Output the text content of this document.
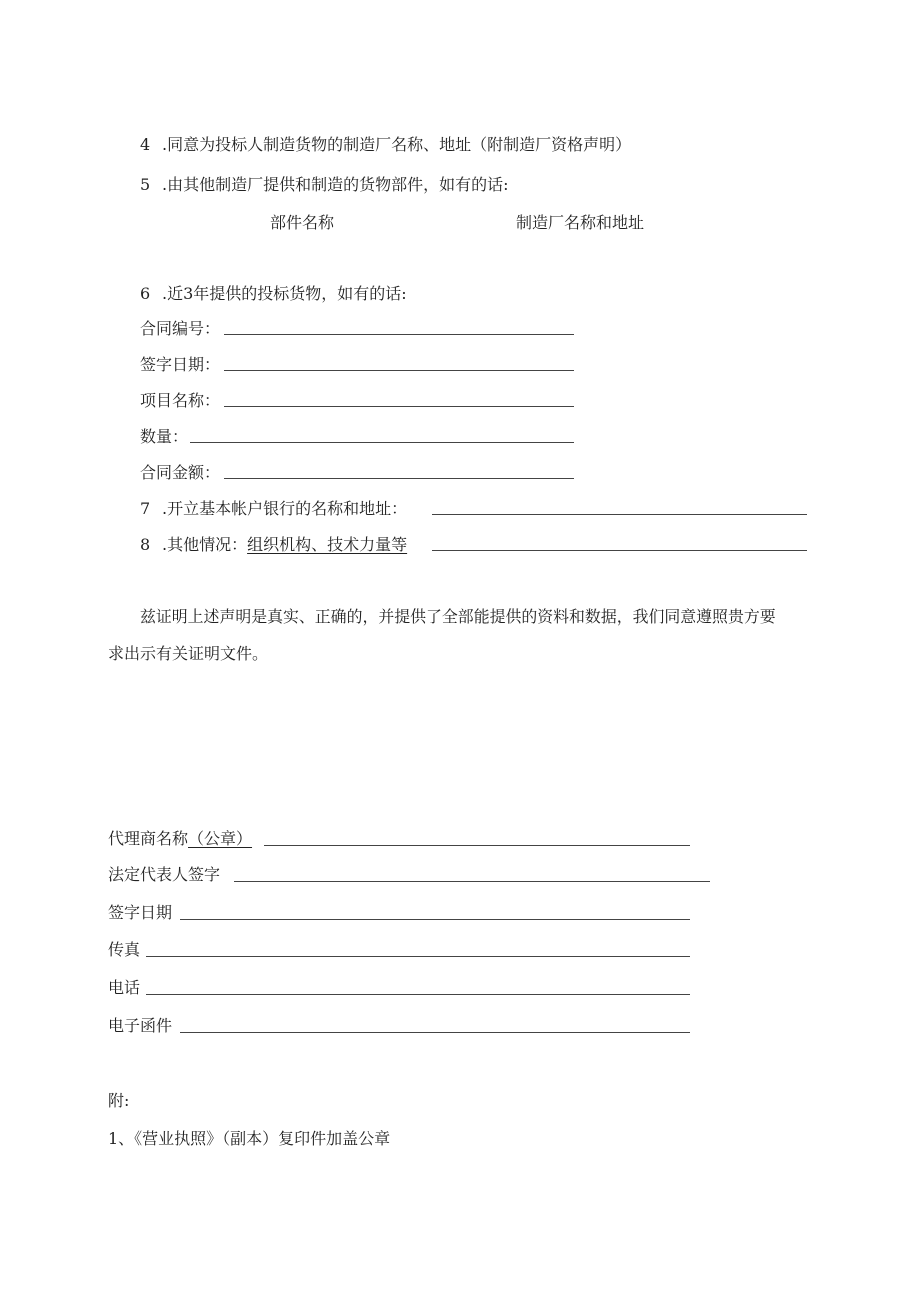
4 .同意为投标人制造货物的制造厂名称、地址（附制造厂资格声明）
5 .由其他制造厂提供和制造的货物部件，如有的话:
部件名称	制造厂名称和地址
6 .近3年提供的投标货物，如有的话:
合同编号：
签字日期：
项目名称：
数量：
合同金额：
7 .开立基本帐户银行的名称和地址：
8 .其他情况：组织机构、技术力量等
兹证明上述声明是真实、正确的，并提供了全部能提供的资料和数据，我们同意遵照贵方要
求出示有关证明文件。
代理商名称（公章）
法定代表人签字
签字日期
传真
电话
电子函件
附:
1、《营业执照》（副本）复印件加盖公章
